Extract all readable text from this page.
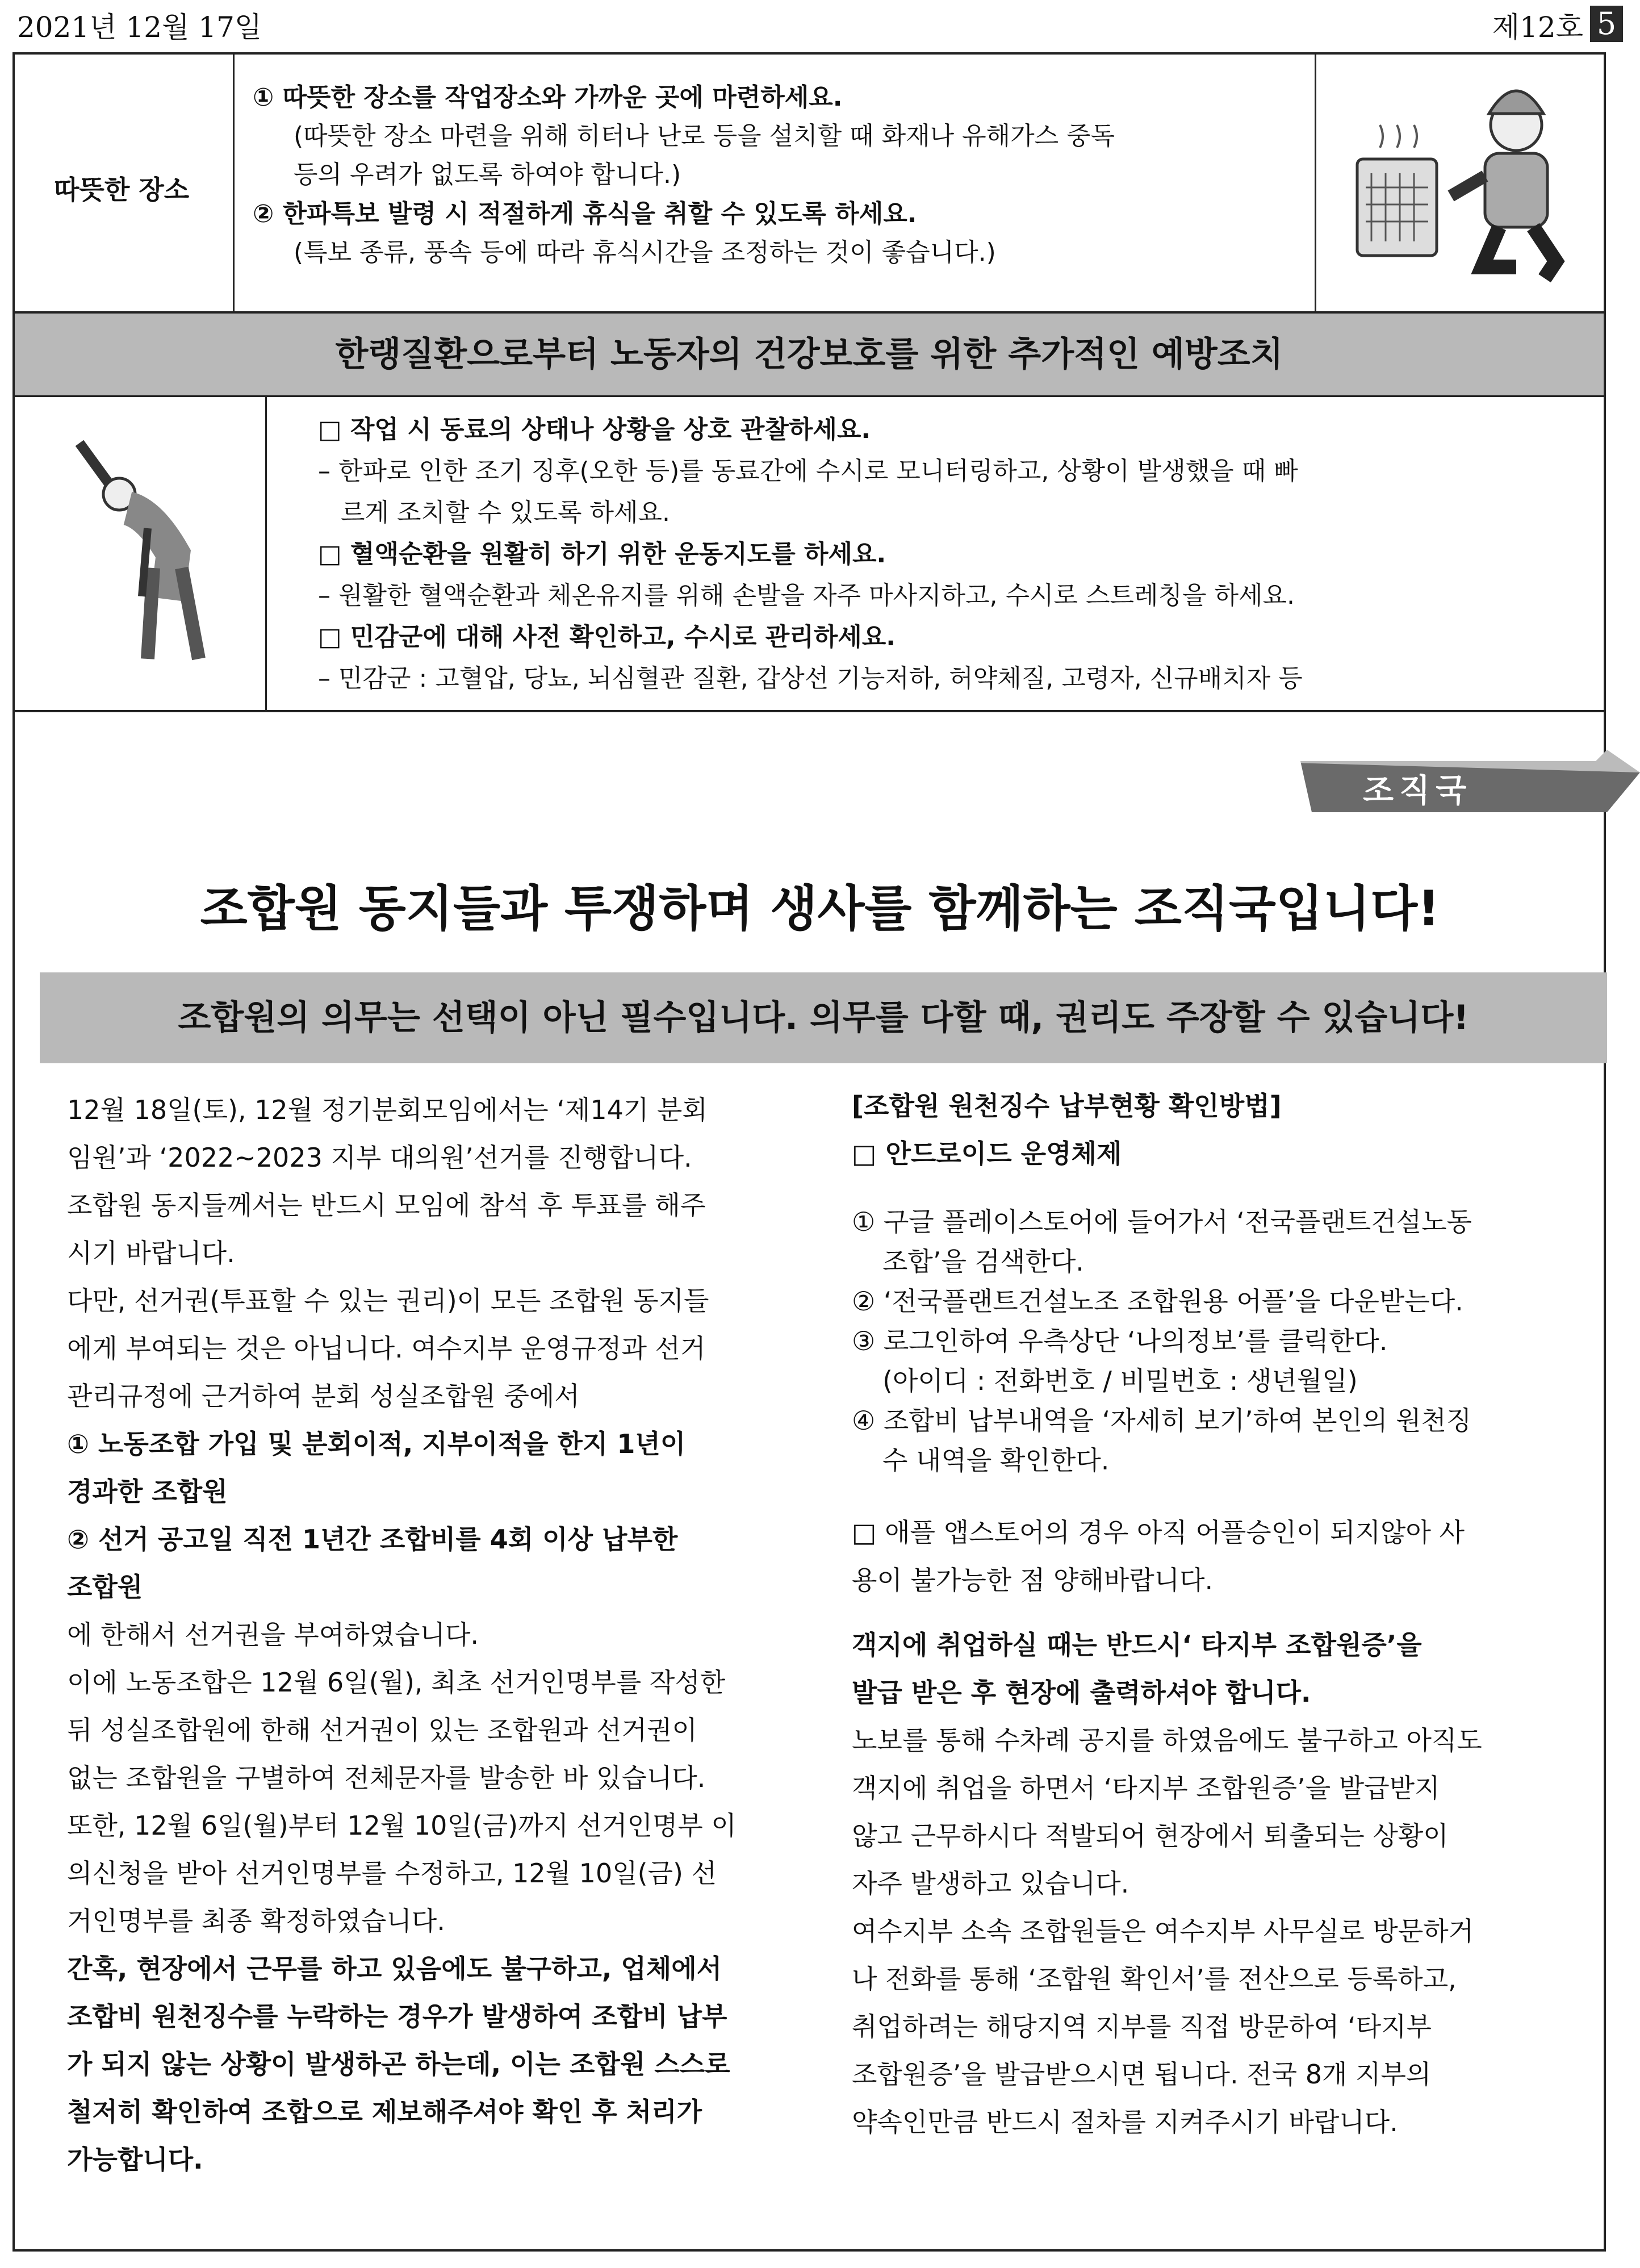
2021년 12월 17일	제12호 5
따뜻한 장소
① 따뜻한 장소를 작업장소와 가까운 곳에 마련하세요.
(따뜻한 장소 마련을 위해 히터나 난로 등을 설치할 때 화재나 유해가스 중독
등의 우려가 없도록 하여야 합니다.)
② 한파특보 발령 시 적절하게 휴식을 취할 수 있도록 하세요.
(특보 종류, 풍속 등에 따라 휴식시간을 조정하는 것이 좋습니다.)
한랭질환으로부터 노동자의 건강보호를 위한 추가적인 예방조치
□ 작업 시 동료의 상태나 상황을 상호 관찰하세요.
– 한파로 인한 조기 징후(오한 등)를 동료간에 수시로 모니터링하고, 상황이 발생했을 때 빠
르게 조치할 수 있도록 하세요.
□ 혈액순환을 원활히 하기 위한 운동지도를 하세요.
– 원활한 혈액순환과 체온유지를 위해 손발을 자주 마사지하고, 수시로 스트레칭을 하세요.
□ 민감군에 대해 사전 확인하고, 수시로 관리하세요.
– 민감군 : 고혈압, 당뇨, 뇌심혈관 질환, 갑상선 기능저하, 허약체질, 고령자, 신규배치자 등
조직국
조합원 동지들과 투쟁하며 생사를 함께하는 조직국입니다!
조합원의 의무는 선택이 아닌 필수입니다. 의무를 다할 때, 권리도 주장할 수 있습니다!

12월 18일(토), 12월 정기분회모임에서는 ‘제14기 분회

임원’과 ‘2022~2023 지부 대의원’선거를 진행합니다.

조합원 동지들께서는 반드시 모임에 참석 후 투표를 해주

시기 바랍니다.

다만, 선거권(투표할 수 있는 권리)이 모든 조합원 동지들

에게 부여되는 것은 아닙니다. 여수지부 운영규정과 선거

관리규정에 근거하여 분회 성실조합원 중에서

① 노동조합 가입 및 분회이적, 지부이적을 한지 1년이

경과한 조합원

② 선거 공고일 직전 1년간 조합비를 4회 이상 납부한

조합원

에 한해서 선거권을 부여하였습니다.

이에 노동조합은 12월 6일(월), 최초 선거인명부를 작성한

뒤 성실조합원에 한해 선거권이 있는 조합원과 선거권이

없는 조합원을 구별하여 전체문자를 발송한 바 있습니다.

또한, 12월 6일(월)부터 12월 10일(금)까지 선거인명부 이

의신청을 받아 선거인명부를 수정하고, 12월 10일(금) 선

거인명부를 최종 확정하였습니다.

간혹, 현장에서 근무를 하고 있음에도 불구하고, 업체에서

조합비 원천징수를 누락하는 경우가 발생하여 조합비 납부

가 되지 않는 상황이 발생하곤 하는데, 이는 조합원 스스로

철저히 확인하여 조합으로 제보해주셔야 확인 후 처리가

가능합니다.

[조합원 원천징수 납부현황 확인방법]
□ 안드로이드 운영체제
① 구글 플레이스토어에 들어가서 ‘전국플랜트건설노동
조합’을 검색한다.
② ‘전국플랜트건설노조 조합원용 어플’을 다운받는다.
③ 로그인하여 우측상단 ‘나의정보’를 클릭한다.
(아이디 : 전화번호 / 비밀번호 : 생년월일)
④ 조합비 납부내역을 ‘자세히 보기’하여 본인의 원천징
수 내역을 확인한다.
□ 애플 앱스토어의 경우 아직 어플승인이 되지않아 사
용이 불가능한 점 양해바랍니다.
객지에 취업하실 때는 반드시‘ 타지부 조합원증’을
발급 받은 후 현장에 출력하셔야 합니다.
노보를 통해 수차례 공지를 하였음에도 불구하고 아직도
객지에 취업을 하면서 ‘타지부 조합원증’을 발급받지
않고 근무하시다 적발되어 현장에서 퇴출되는 상황이
자주 발생하고 있습니다.
여수지부 소속 조합원들은 여수지부 사무실로 방문하거
나 전화를 통해 ‘조합원 확인서’를 전산으로 등록하고,
취업하려는 해당지역 지부를 직접 방문하여 ‘타지부
조합원증’을 발급받으시면 됩니다. 전국 8개 지부의
약속인만큼 반드시 절차를 지켜주시기 바랍니다.
